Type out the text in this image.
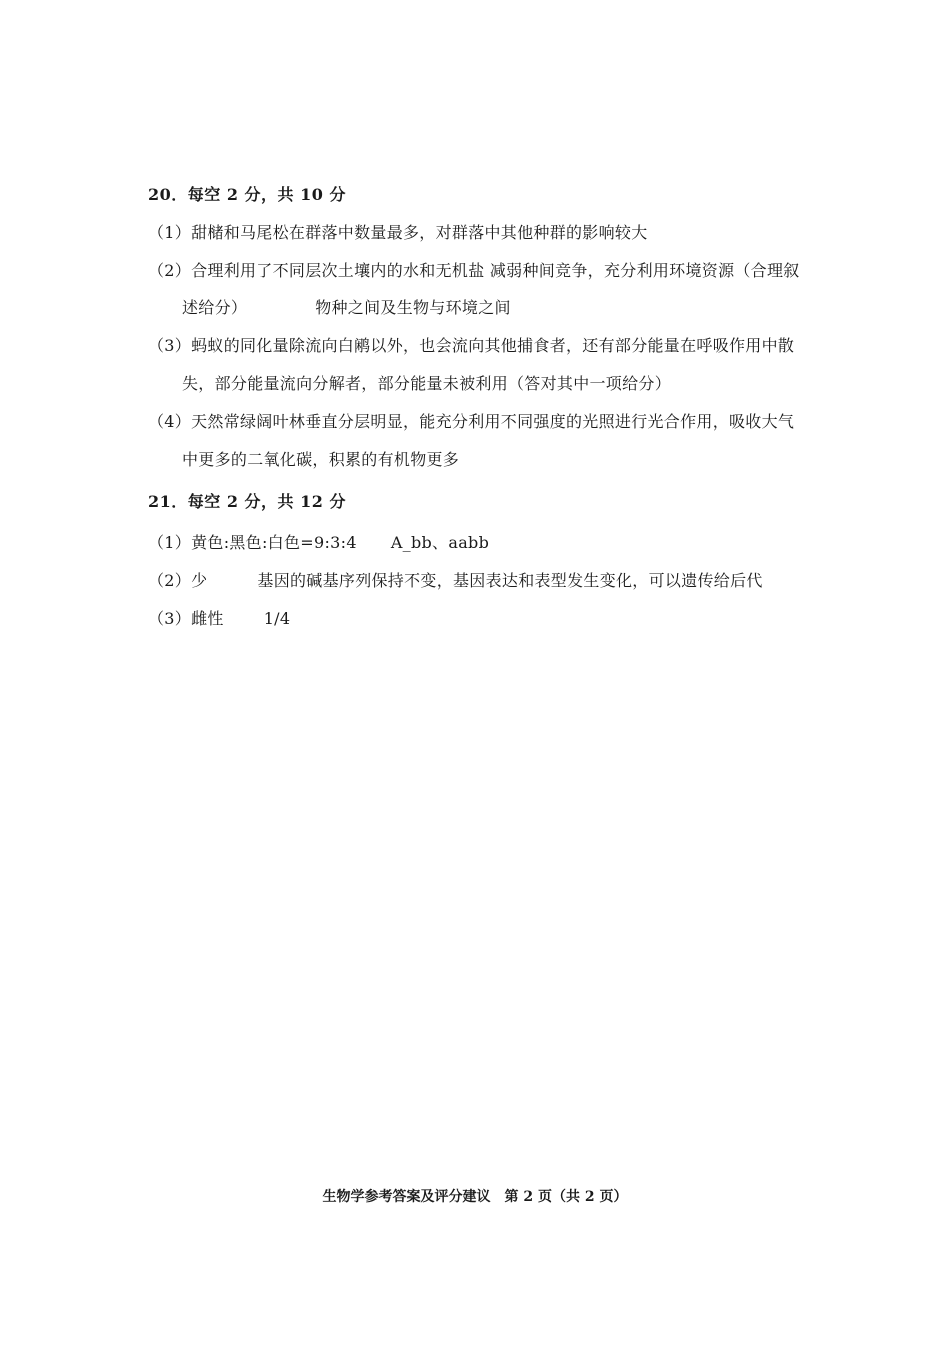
20．每空 2 分，共 10 分
（1）甜槠和马尾松在群落中数量最多，对群落中其他种群的影响较大
（2）合理利用了不同层次土壤内的水和无机盐 减弱种间竞争，充分利用环境资源（合理叙
述给分）	物种之间及生物与环境之间
（3）蚂蚁的同化量除流向白鹇以外，也会流向其他捕食者，还有部分能量在呼吸作用中散
失，部分能量流向分解者，部分能量未被利用（答对其中一项给分）
（4）天然常绿阔叶林垂直分层明显，能充分利用不同强度的光照进行光合作用，吸收大气
中更多的二氧化碳，积累的有机物更多
21．每空 2 分，共 12 分
（1）黄色:黑色:白色=9:3:4 A_bb、aabb
（2）少	基因的碱基序列保持不变，基因表达和表型发生变化，可以遗传给后代
（3）雌性	1/4
生物学参考答案及评分建议　第 2 页（共 2 页）
